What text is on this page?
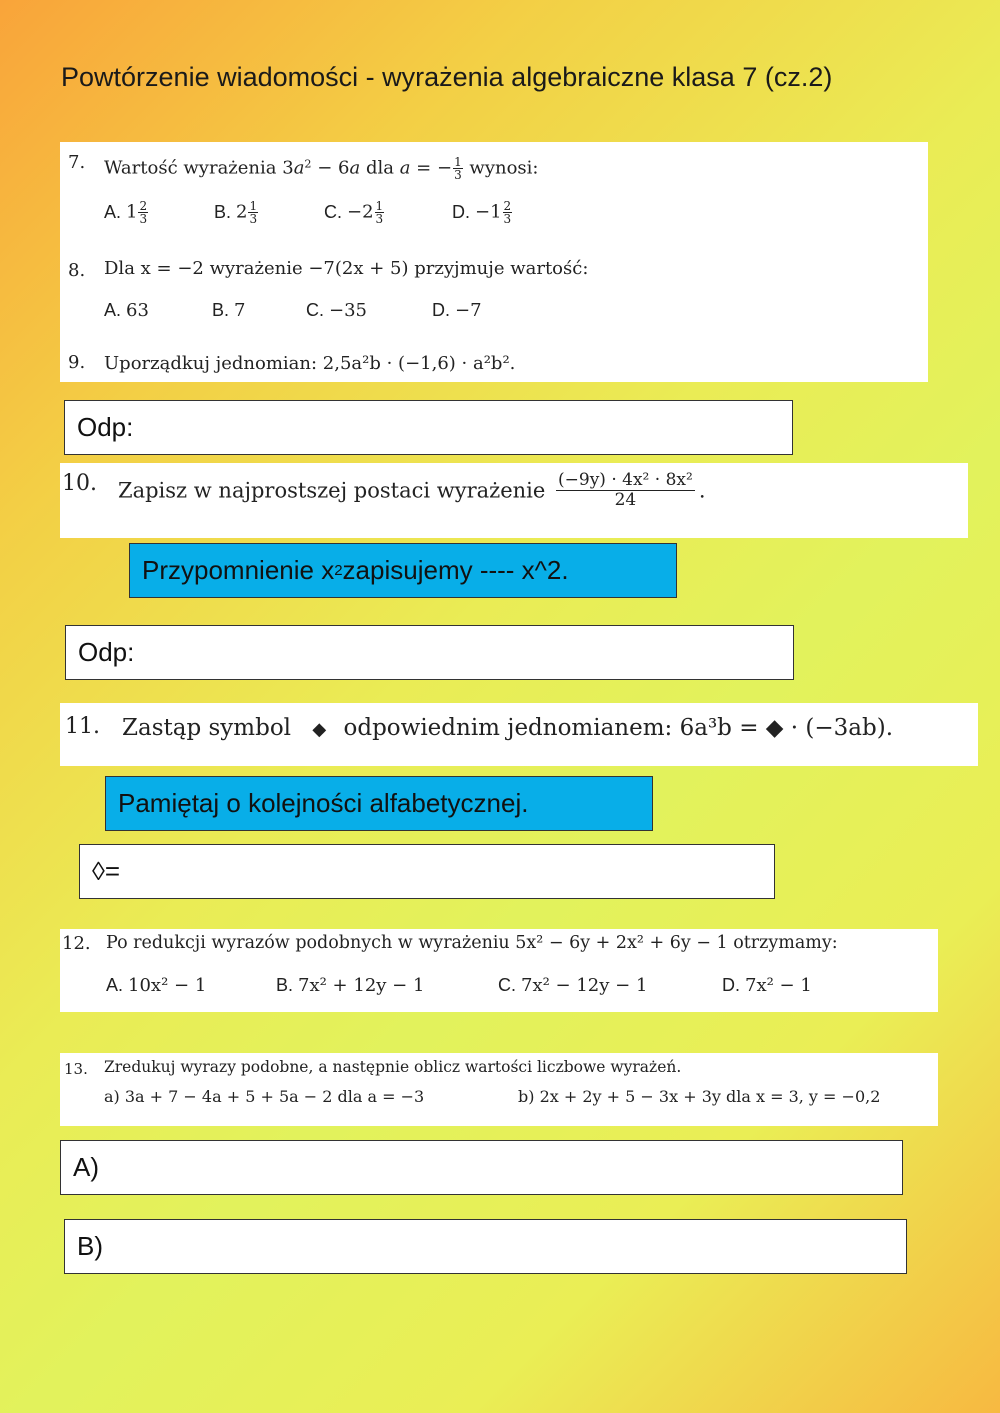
Powtórzenie wiadomości - wyrażenia algebraiczne klasa 7 (cz.2)
7. Wartość wyrażenia $3a^2 - 6a$ dla a = − $\frac{1}{3}$ wynosi:
A. $1 \frac{2}{3}$	B. $2 \frac{1}{3}$	C. $-2 \frac{1}{3}$	D. $-1 \frac{2}{3}$
8. Dla x = −2 wyrażenie −7(2x + 5) przyjmuje wartość:
A. 63	B. 7	C. −35	D. −7
9. Uporządkuj jednomian: 2,5a²b · (−1,6) · a²b².
Odp:
10. Zapisz w najprostszej postaci wyrażenie $\frac{\text{(−9y) · 4x² · 8x²}}{24}$ .
Przypomnienie x 2 zapisujemy ---- x^2.
Odp:
11. Zastąp symbol ◆ odpowiednim jednomianem: 6a³b = ◆ · (−3ab).
Pamiętaj o kolejności alfabetycznej.
◊=
12. Po redukcji wyrazów podobnych w wyrażeniu 5x² − 6y + 2x² + 6y − 1 otrzymamy:
A. 10x² − 1	B. 7x² + 12y − 1	C. 7x² − 12y − 1	D. 7x² − 1
13. Zredukuj wyrazy podobne, a następnie oblicz wartości liczbowe wyrażeń.
a) 3a + 7 − 4a + 5 + 5a − 2 dla a = −3	b) 2x + 2y + 5 − 3x + 3y dla x = 3, y = −0,2
A)
B)
